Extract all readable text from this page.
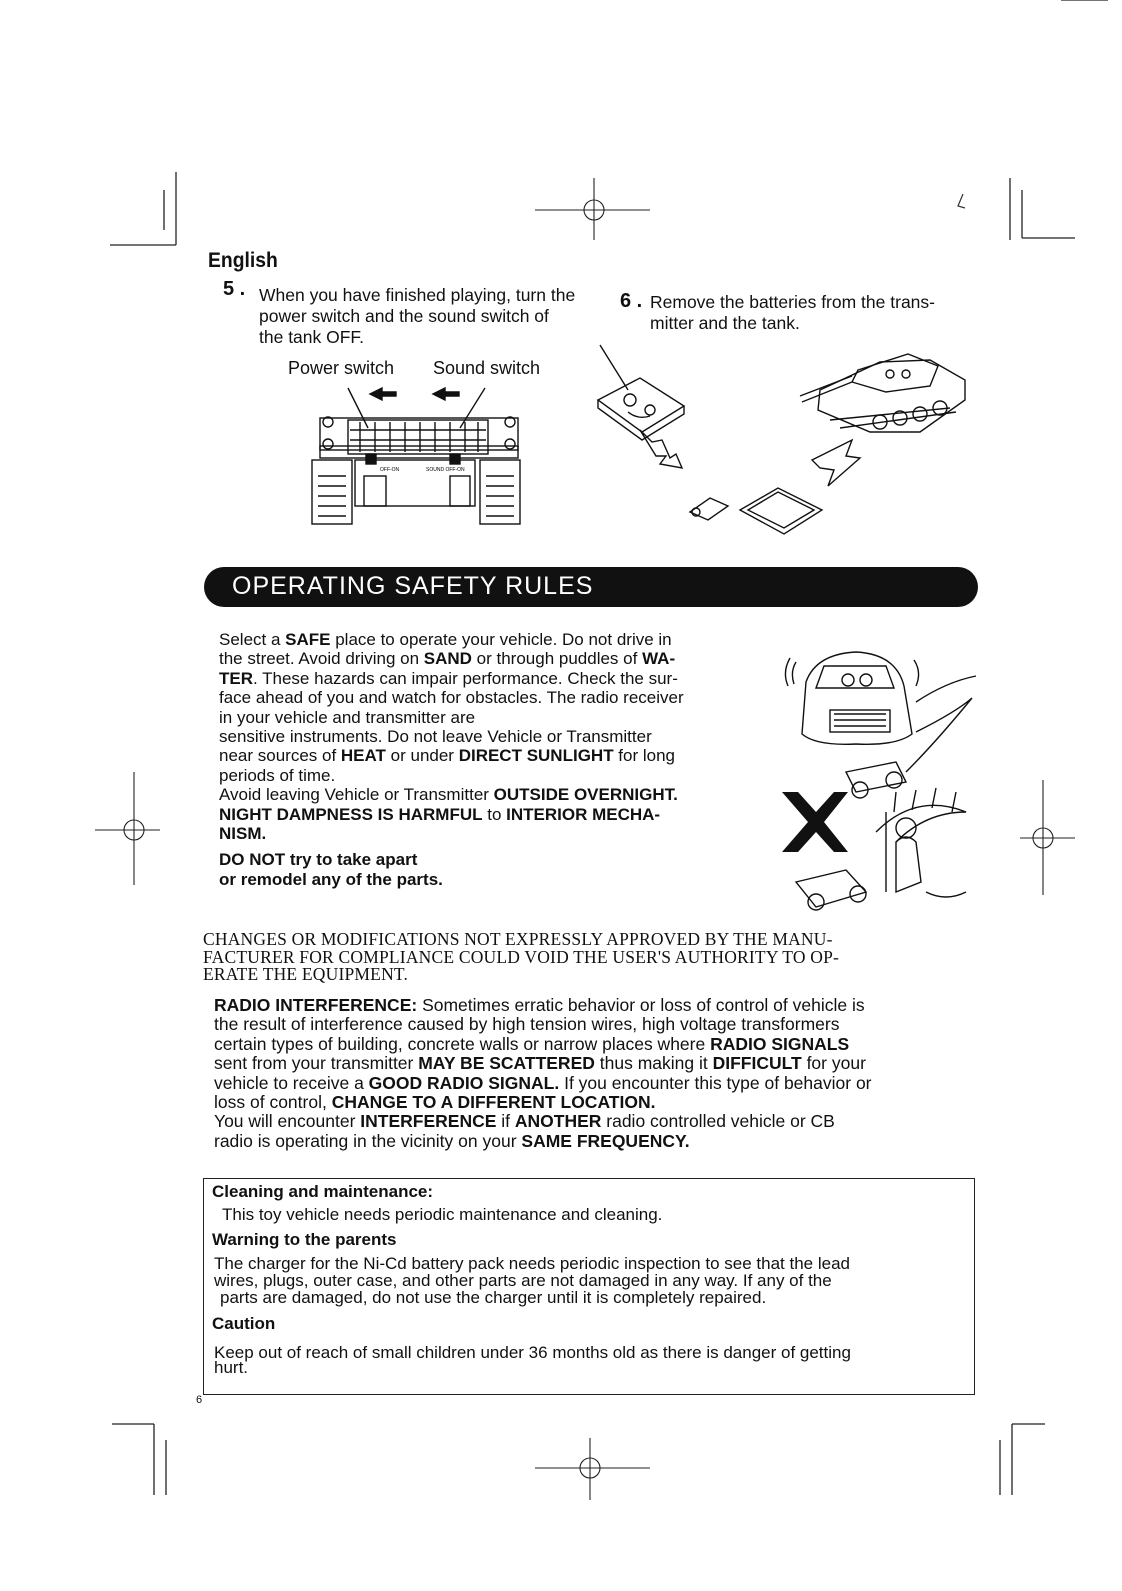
English
5 . When you have finished playing, turn the
power switch and the sound switch of
the tank OFF.
Power switch Sound switch
OFF-ON	SOUND OFF-ON
6 . Remove the batteries from the trans-
mitter and the tank.
OPERATING SAFETY RULES
Select a SAFE place to operate your vehicle. Do not drive in
the street. Avoid driving on SAND or through puddles of WA-
TER. These hazards can impair performance. Check the sur-
face ahead of you and watch for obstacles. The radio receiver
in your vehicle and transmitter are
sensitive instruments. Do not leave Vehicle or Transmitter
near sources of HEAT or under DIRECT SUNLIGHT for long
periods of time.
Avoid leaving Vehicle or Transmitter OUTSIDE OVERNIGHT.
NIGHT DAMPNESS IS HARMFUL to INTERIOR MECHA-
NISM.
DO NOT try to take apart
or remodel any of the parts.
CHANGES OR MODIFICATIONS NOT EXPRESSLY APPROVED BY THE MANU-
FACTURER FOR COMPLIANCE COULD VOID THE USER'S AUTHORITY TO OP-
ERATE THE EQUIPMENT.
RADIO INTERFERENCE: Sometimes erratic behavior or loss of control of vehicle is
the result of interference caused by high tension wires, high voltage transformers
certain types of building, concrete walls or narrow places where RADIO SIGNALS
sent from your transmitter MAY BE SCATTERED thus making it DIFFICULT for your
vehicle to receive a GOOD RADIO SIGNAL. If you encounter this type of behavior or
loss of control, CHANGE TO A DIFFERENT LOCATION.
You will encounter INTERFERENCE if ANOTHER radio controlled vehicle or CB
radio is operating in the vicinity on your SAME FREQUENCY.
Cleaning and maintenance:
This toy vehicle needs periodic maintenance and cleaning.
Warning to the parents
The charger for the Ni-Cd battery pack needs periodic inspection to see that the lead
wires, plugs, outer case, and other parts are not damaged in any way. If any of the
parts are damaged, do not use the charger until it is completely repaired.
Caution
Keep out of reach of small children under 36 months old as there is danger of getting
hurt.
6
